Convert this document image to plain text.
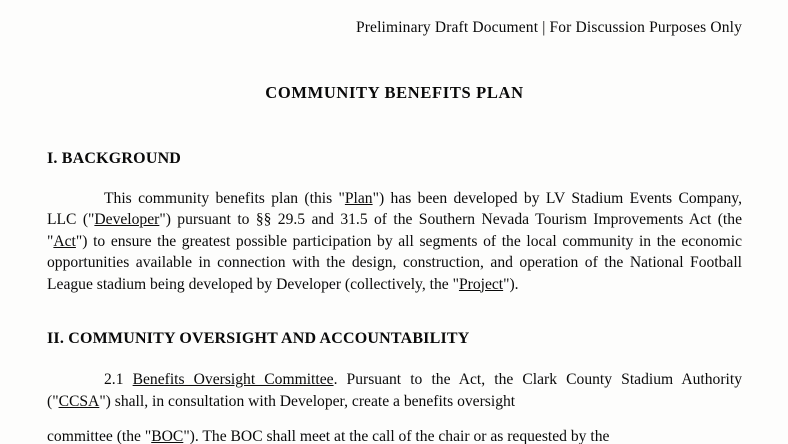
Preliminary Draft Document | For Discussion Purposes Only
COMMUNITY BENEFITS PLAN
I. BACKGROUND

This community benefits plan (this "Plan") has been developed by LV Stadium Events Company, LLC ("Developer") pursuant to §§ 29.5 and 31.5 of the Southern Nevada Tourism Improvements Act (the "Act") to ensure the greatest possible participation by all segments of the local community in the economic opportunities available in connection with the design, construction, and operation of the National Football League stadium being developed by Developer (collectively, the "Project").

II. COMMUNITY OVERSIGHT AND ACCOUNTABILITY

2.1 Benefits Oversight Committee. Pursuant to the Act, the Clark County Stadium Authority ("CCSA") shall, in consultation with Developer, create a benefits oversight

committee (the "BOC"). The BOC shall meet at the call of the chair or as requested by the
